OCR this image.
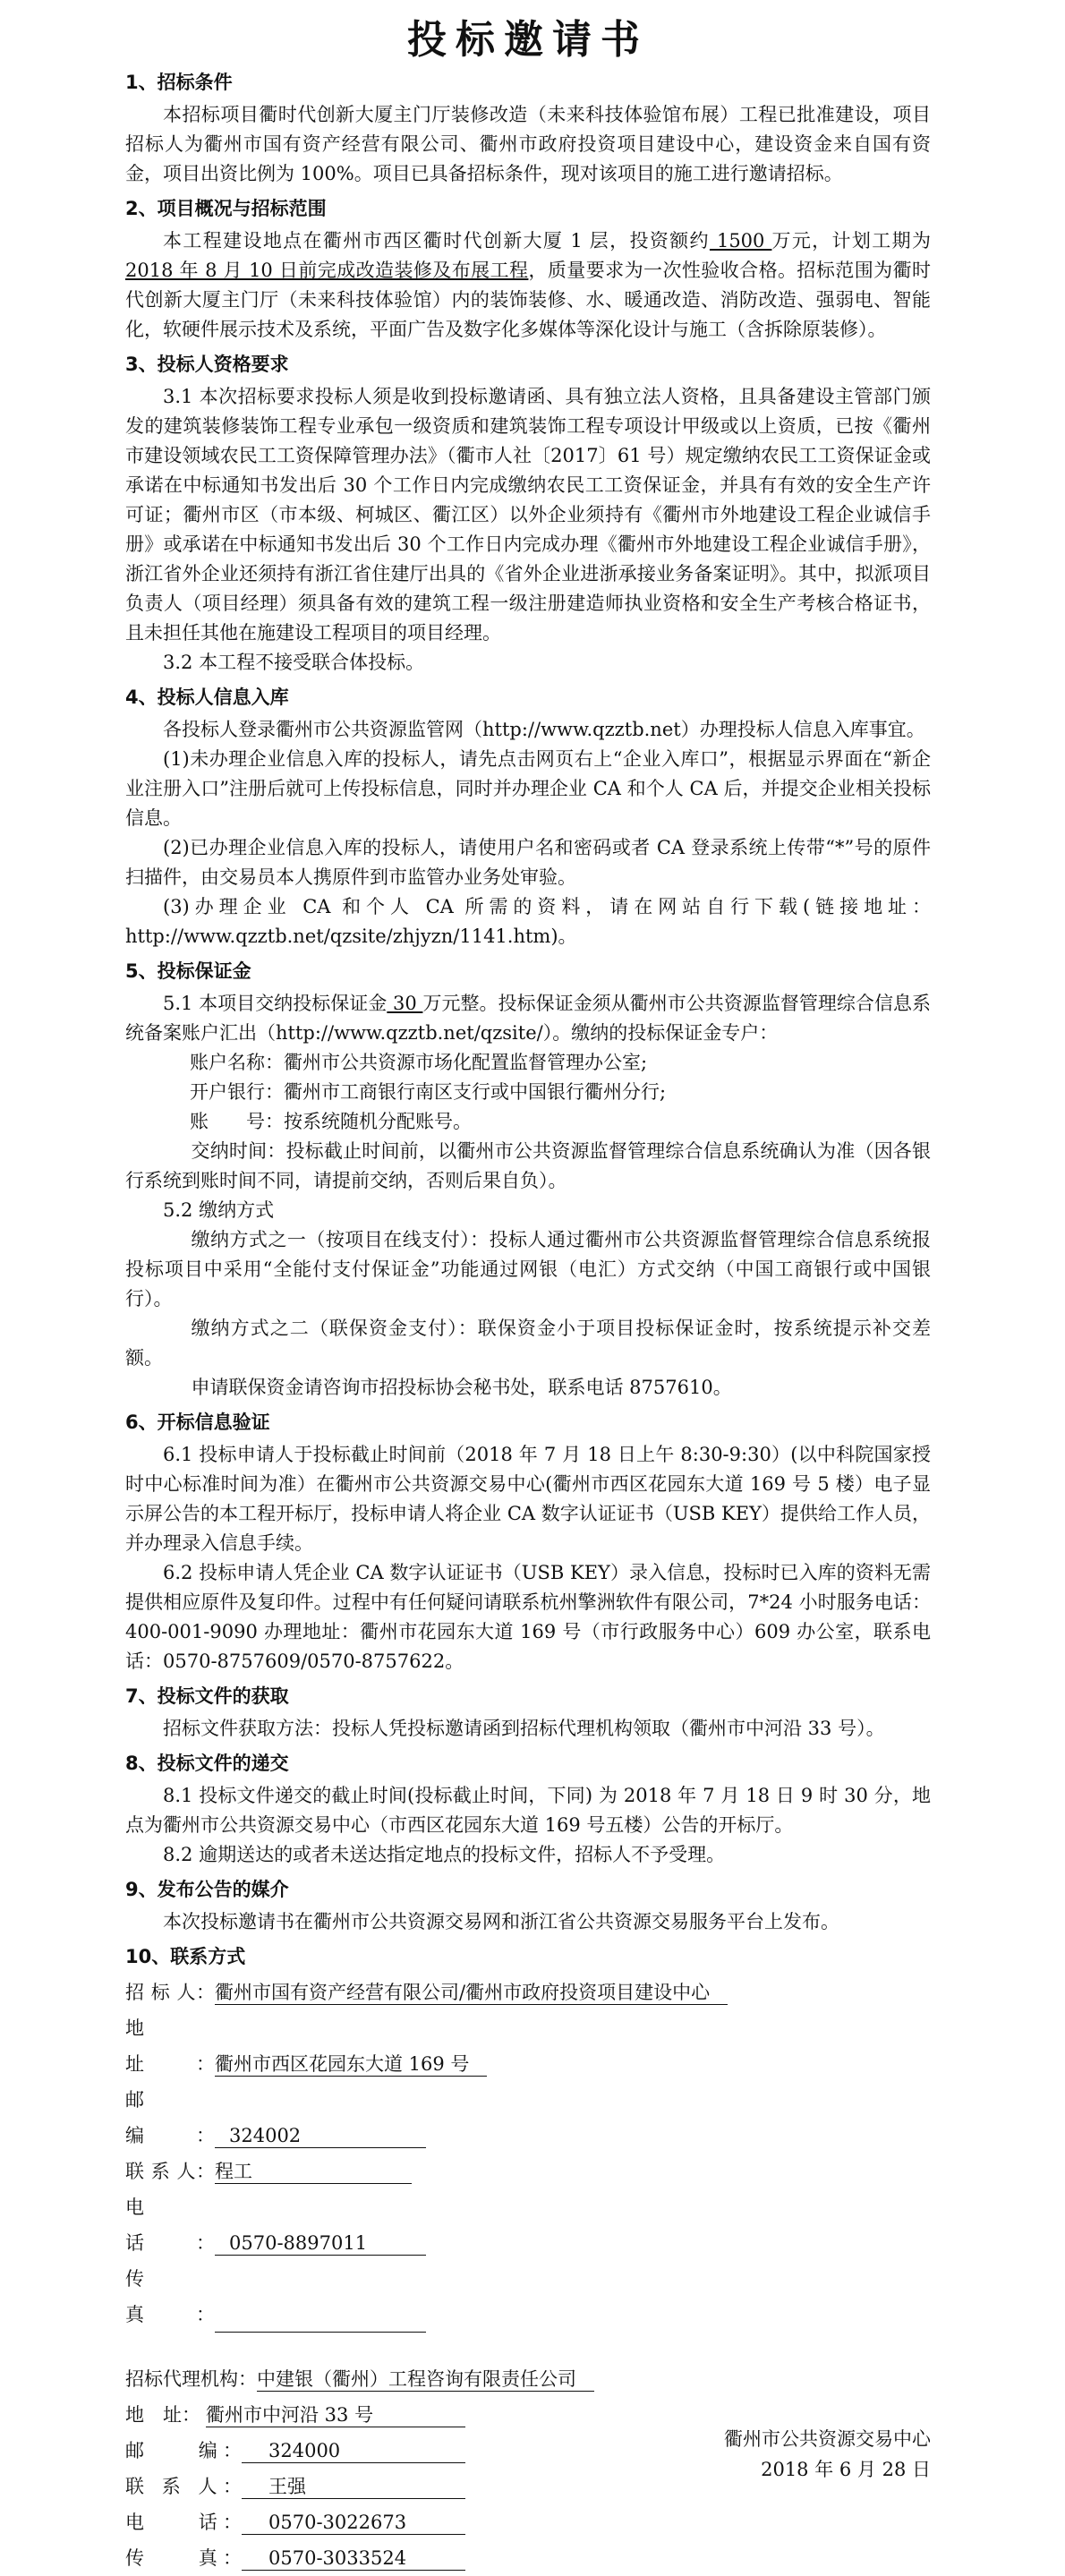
投标邀请书
1、招标条件

本招标项目衢时代创新大厦主门厅装修改造（未来科技体验馆布展）工程已批准建设，项目招标人为衢州市国有资产经营有限公司、衢州市政府投资项目建设中心，建设资金来自国有资金，项目出资比例为 100%。项目已具备招标条件，现对该项目的施工进行邀请招标。

2、项目概况与招标范围

本工程建设地点在衢州市西区衢时代创新大厦 1 层，投资额约 1500 万元，计划工期为 2018 年 8 月 10 日前完成改造装修及布展工程，质量要求为一次性验收合格。招标范围为衢时代创新大厦主门厅（未来科技体验馆）内的装饰装修、水、暖通改造、消防改造、强弱电、智能化，软硬件展示技术及系统，平面广告及数字化多媒体等深化设计与施工（含拆除原装修）。

3、投标人资格要求

3.1 本次招标要求投标人须是收到投标邀请函、具有独立法人资格，且具备建设主管部门颁发的建筑装修装饰工程专业承包一级资质和建筑装饰工程专项设计甲级或以上资质，已按《衢州市建设领域农民工工资保障管理办法》（衢市人社〔2017〕61 号）规定缴纳农民工工资保证金或承诺在中标通知书发出后 30 个工作日内完成缴纳农民工工资保证金，并具有有效的安全生产许可证；衢州市区（市本级、柯城区、衢江区）以外企业须持有《衢州市外地建设工程企业诚信手册》或承诺在中标通知书发出后 30 个工作日内完成办理《衢州市外地建设工程企业诚信手册》，浙江省外企业还须持有浙江省住建厅出具的《省外企业进浙承接业务备案证明》。其中，拟派项目负责人（项目经理）须具备有效的建筑工程一级注册建造师执业资格和安全生产考核合格证书，且未担任其他在施建设工程项目的项目经理。

3.2 本工程不接受联合体投标。

4、投标人信息入库

各投标人登录衢州市公共资源监管网（http://www.qzztb.net）办理投标人信息入库事宜。

(1)未办理企业信息入库的投标人，请先点击网页右上“企业入库口”，根据显示界面在“新企业注册入口”注册后就可上传投标信息，同时并办理企业 CA 和个人 CA 后，并提交企业相关投标信息。

(2)已办理企业信息入库的投标人，请使用户名和密码或者 CA 登录系统上传带“*”号的原件扫描件，由交易员本人携原件到市监管办业务处审验。

(3)办理企业 CA 和个人 CA 所需的资料，请在网站自行下载(链接地址：http://www.qzztb.net/qzsite/zhjyzn/1141.htm)。

5、投标保证金

5.1 本项目交纳投标保证金 30 万元整。投标保证金须从衢州市公共资源监督管理综合信息系统备案账户汇出（http://www.qzztb.net/qzsite/）。缴纳的投标保证金专户：

账户名称：衢州市公共资源市场化配置监督管理办公室;

开户银行：衢州市工商银行南区支行或中国银行衢州分行;

账　　号：按系统随机分配账号。

交纳时间：投标截止时间前，以衢州市公共资源监督管理综合信息系统确认为准（因各银行系统到账时间不同，请提前交纳，否则后果自负）。

5.2 缴纳方式

缴纳方式之一（按项目在线支付）：投标人通过衢州市公共资源监督管理综合信息系统报投标项目中采用“全能付支付保证金”功能通过网银（电汇）方式交纳（中国工商银行或中国银行）。

缴纳方式之二（联保资金支付）：联保资金小于项目投标保证金时，按系统提示补交差额。

申请联保资金请咨询市招投标协会秘书处，联系电话 8757610。

6、开标信息验证

6.1 投标申请人于投标截止时间前（2018 年 7 月 18 日上午 8:30-9:30）(以中科院国家授时中心标准时间为准）在衢州市公共资源交易中心(衢州市西区花园东大道 169 号 5 楼）电子显示屏公告的本工程开标厅，投标申请人将企业 CA 数字认证证书（USB KEY）提供给工作人员，并办理录入信息手续。

6.2 投标申请人凭企业 CA 数字认证证书（USB KEY）录入信息，投标时已入库的资料无需提供相应原件及复印件。过程中有任何疑问请联系杭州擎洲软件有限公司，7*24 小时服务电话：400-001-9090 办理地址：衢州市花园东大道 169 号（市行政服务中心）609 办公室，联系电话：0570-8757609/0570-8757622。

7、投标文件的获取

招标文件获取方法：投标人凭投标邀请函到招标代理机构领取（衢州市中河沿 33 号）。

8、投标文件的递交

8.1 投标文件递交的截止时间(投标截止时间，下同) 为 2018 年 7 月 18 日 9 时 30 分，地点为衢州市公共资源交易中心（市西区花园东大道 169 号五楼）公告的开标厅。

8.2 逾期送达的或者未送达指定地点的投标文件，招标人不予受理。

9、发布公告的媒介

本次投标邀请书在衢州市公共资源交易网和浙江省公共资源交易服务平台上发布。

10、联系方式

招 标 人：衢州市国有资产经营有限公司/衢州市政府投资项目建设中心

地　　址：衢州市西区花园东大道 169 号

邮　　编： 324002

联 系 人：程工

电　　话： 0570-8897011

传　　真：

招标代理机构：中建银（衢州）工程咨询有限责任公司

地　址： 衢州市中河沿 33 号

邮　　编： 324000

联 系 人： 王强

电　　话： 0570-3022673

传　　真： 0570-3033524

衢州市公共资源交易中心
2018 年 6 月 28 日
